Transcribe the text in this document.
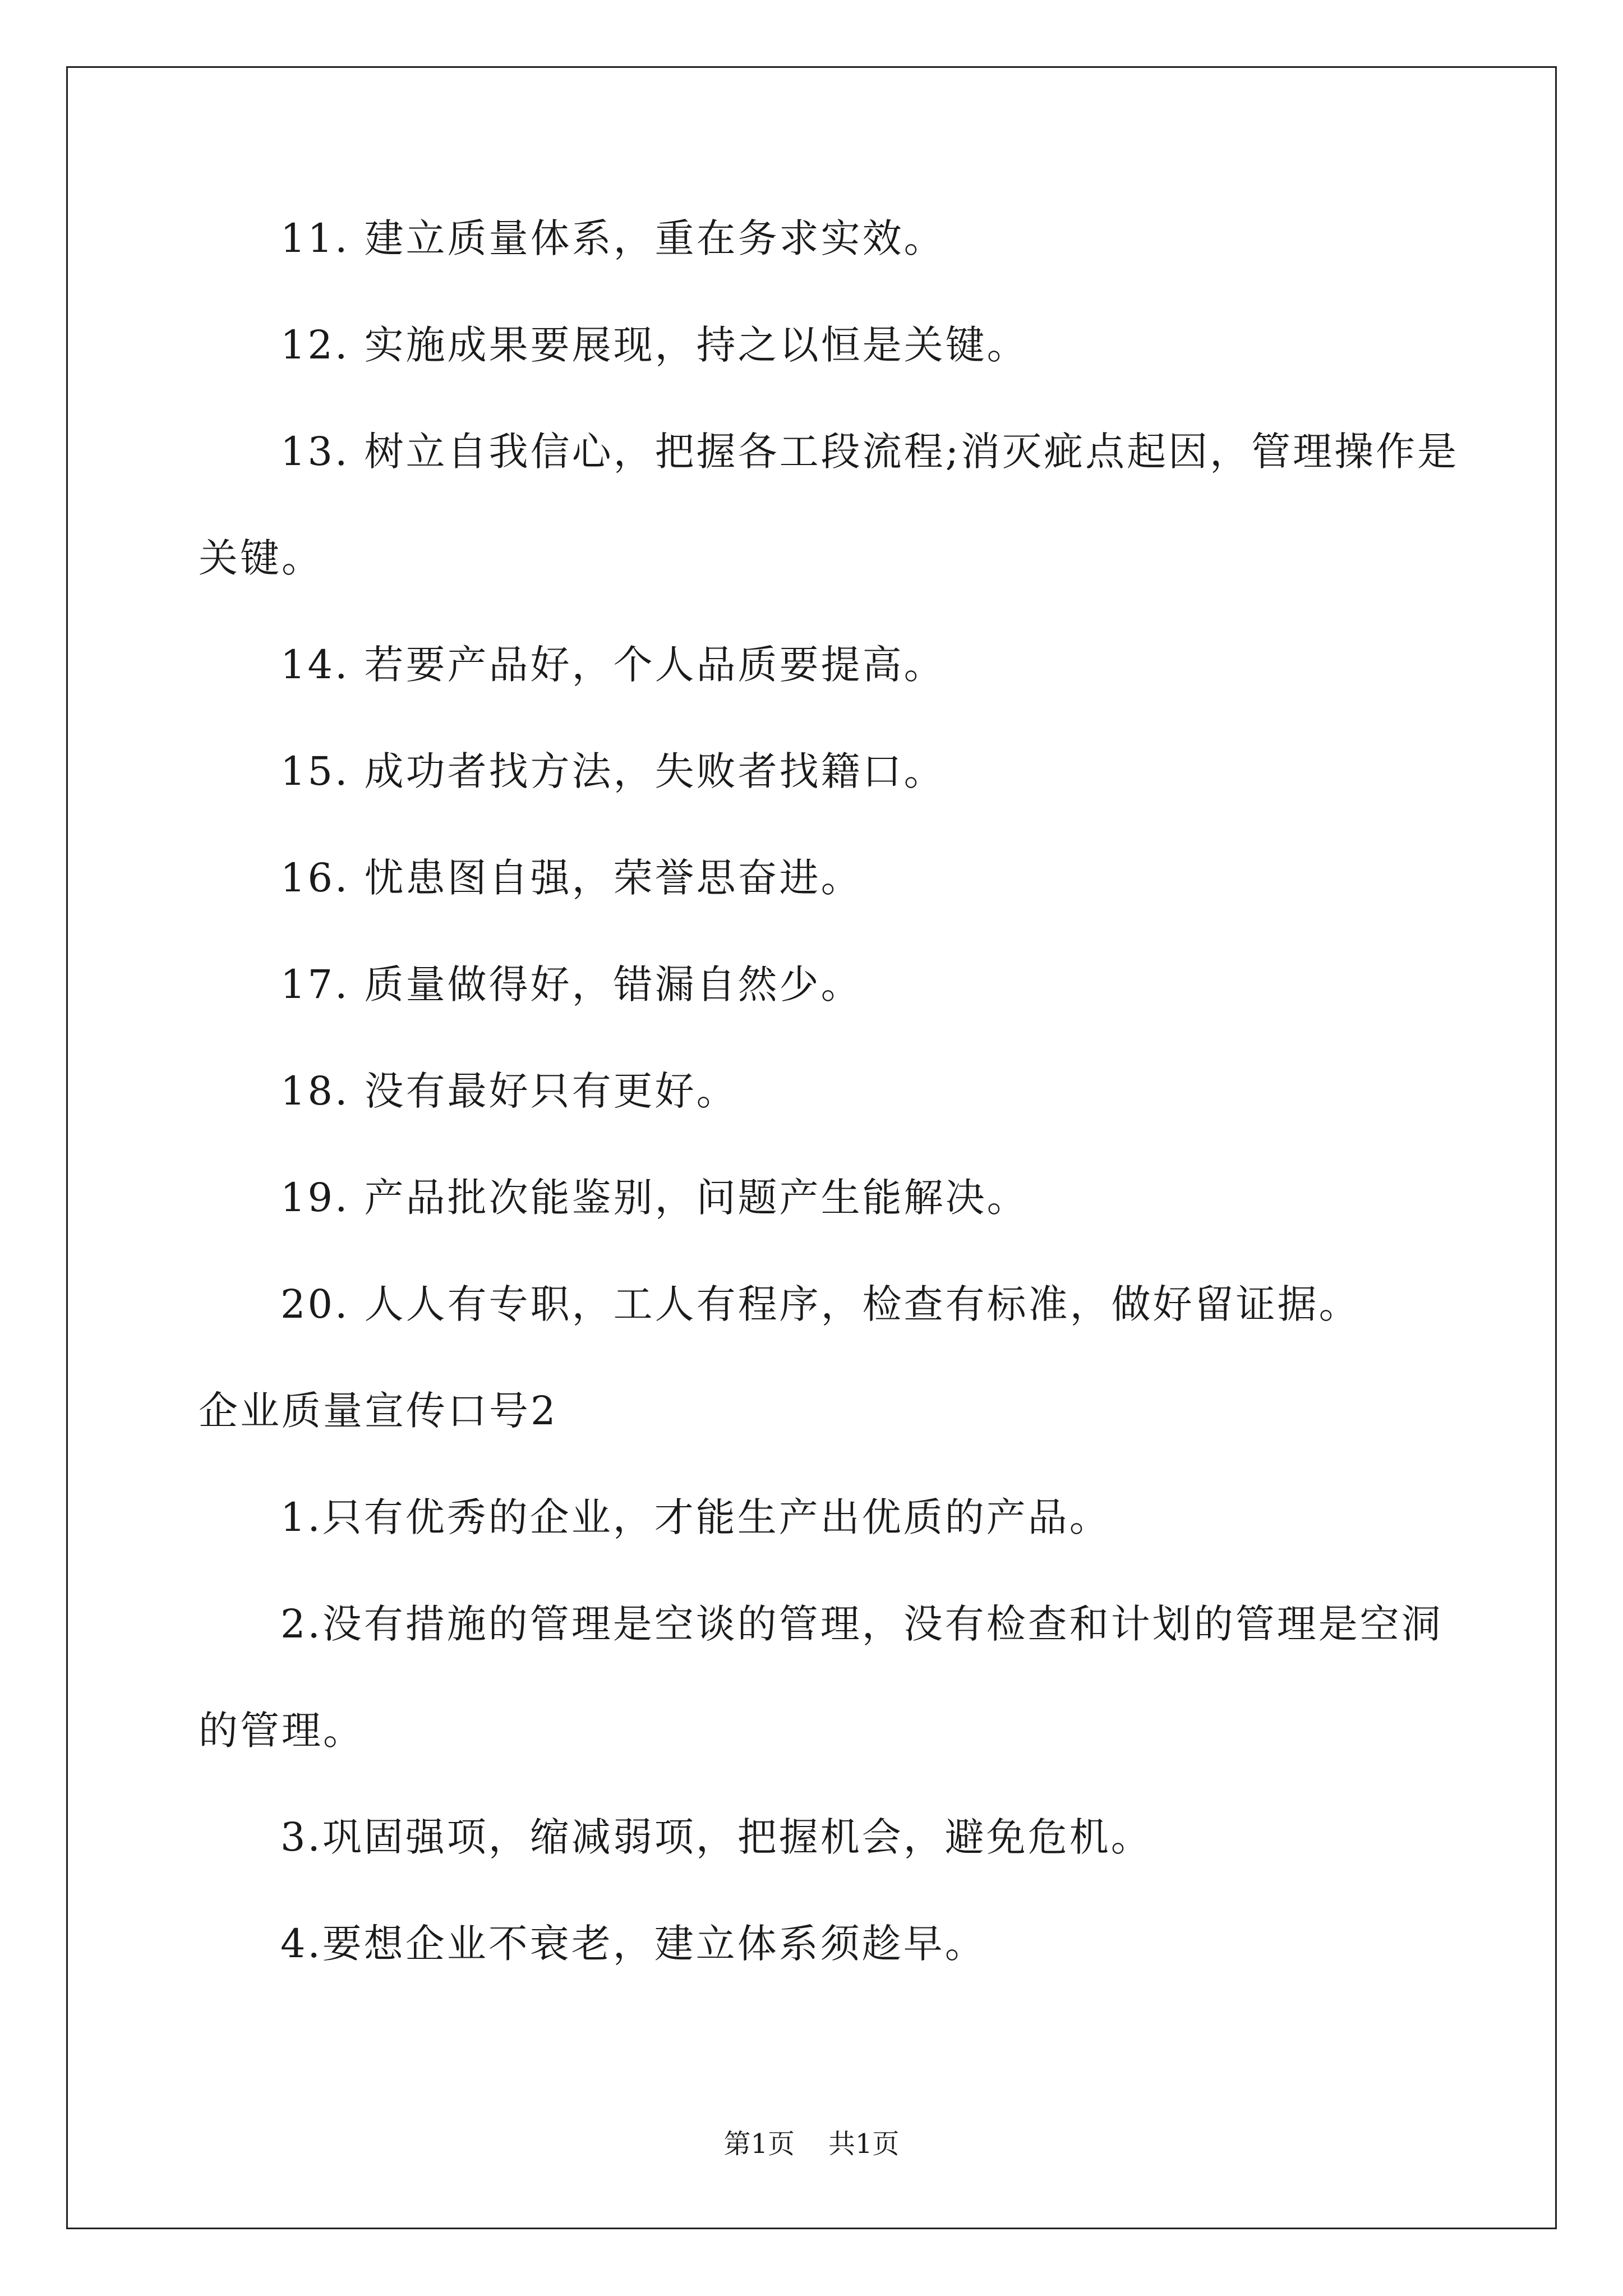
11. 建立质量体系，重在务求实效。

12. 实施成果要展现，持之以恒是关键。

13. 树立自我信心，把握各工段流程;消灭疵点起因，管理操作是

关键。

14. 若要产品好，个人品质要提高。

15. 成功者找方法，失败者找籍口。

16. 忧患图自强，荣誉思奋进。

17. 质量做得好，错漏自然少。

18. 没有最好只有更好。

19. 产品批次能鉴别，问题产生能解决。

20. 人人有专职，工人有程序，检查有标准，做好留证据。

企业质量宣传口号2

1.只有优秀的企业，才能生产出优质的产品。

2.没有措施的管理是空谈的管理，没有检查和计划的管理是空洞

的管理。

3.巩固强项，缩减弱项，把握机会，避免危机。

4.要想企业不衰老，建立体系须趁早。

第1页 共1页
